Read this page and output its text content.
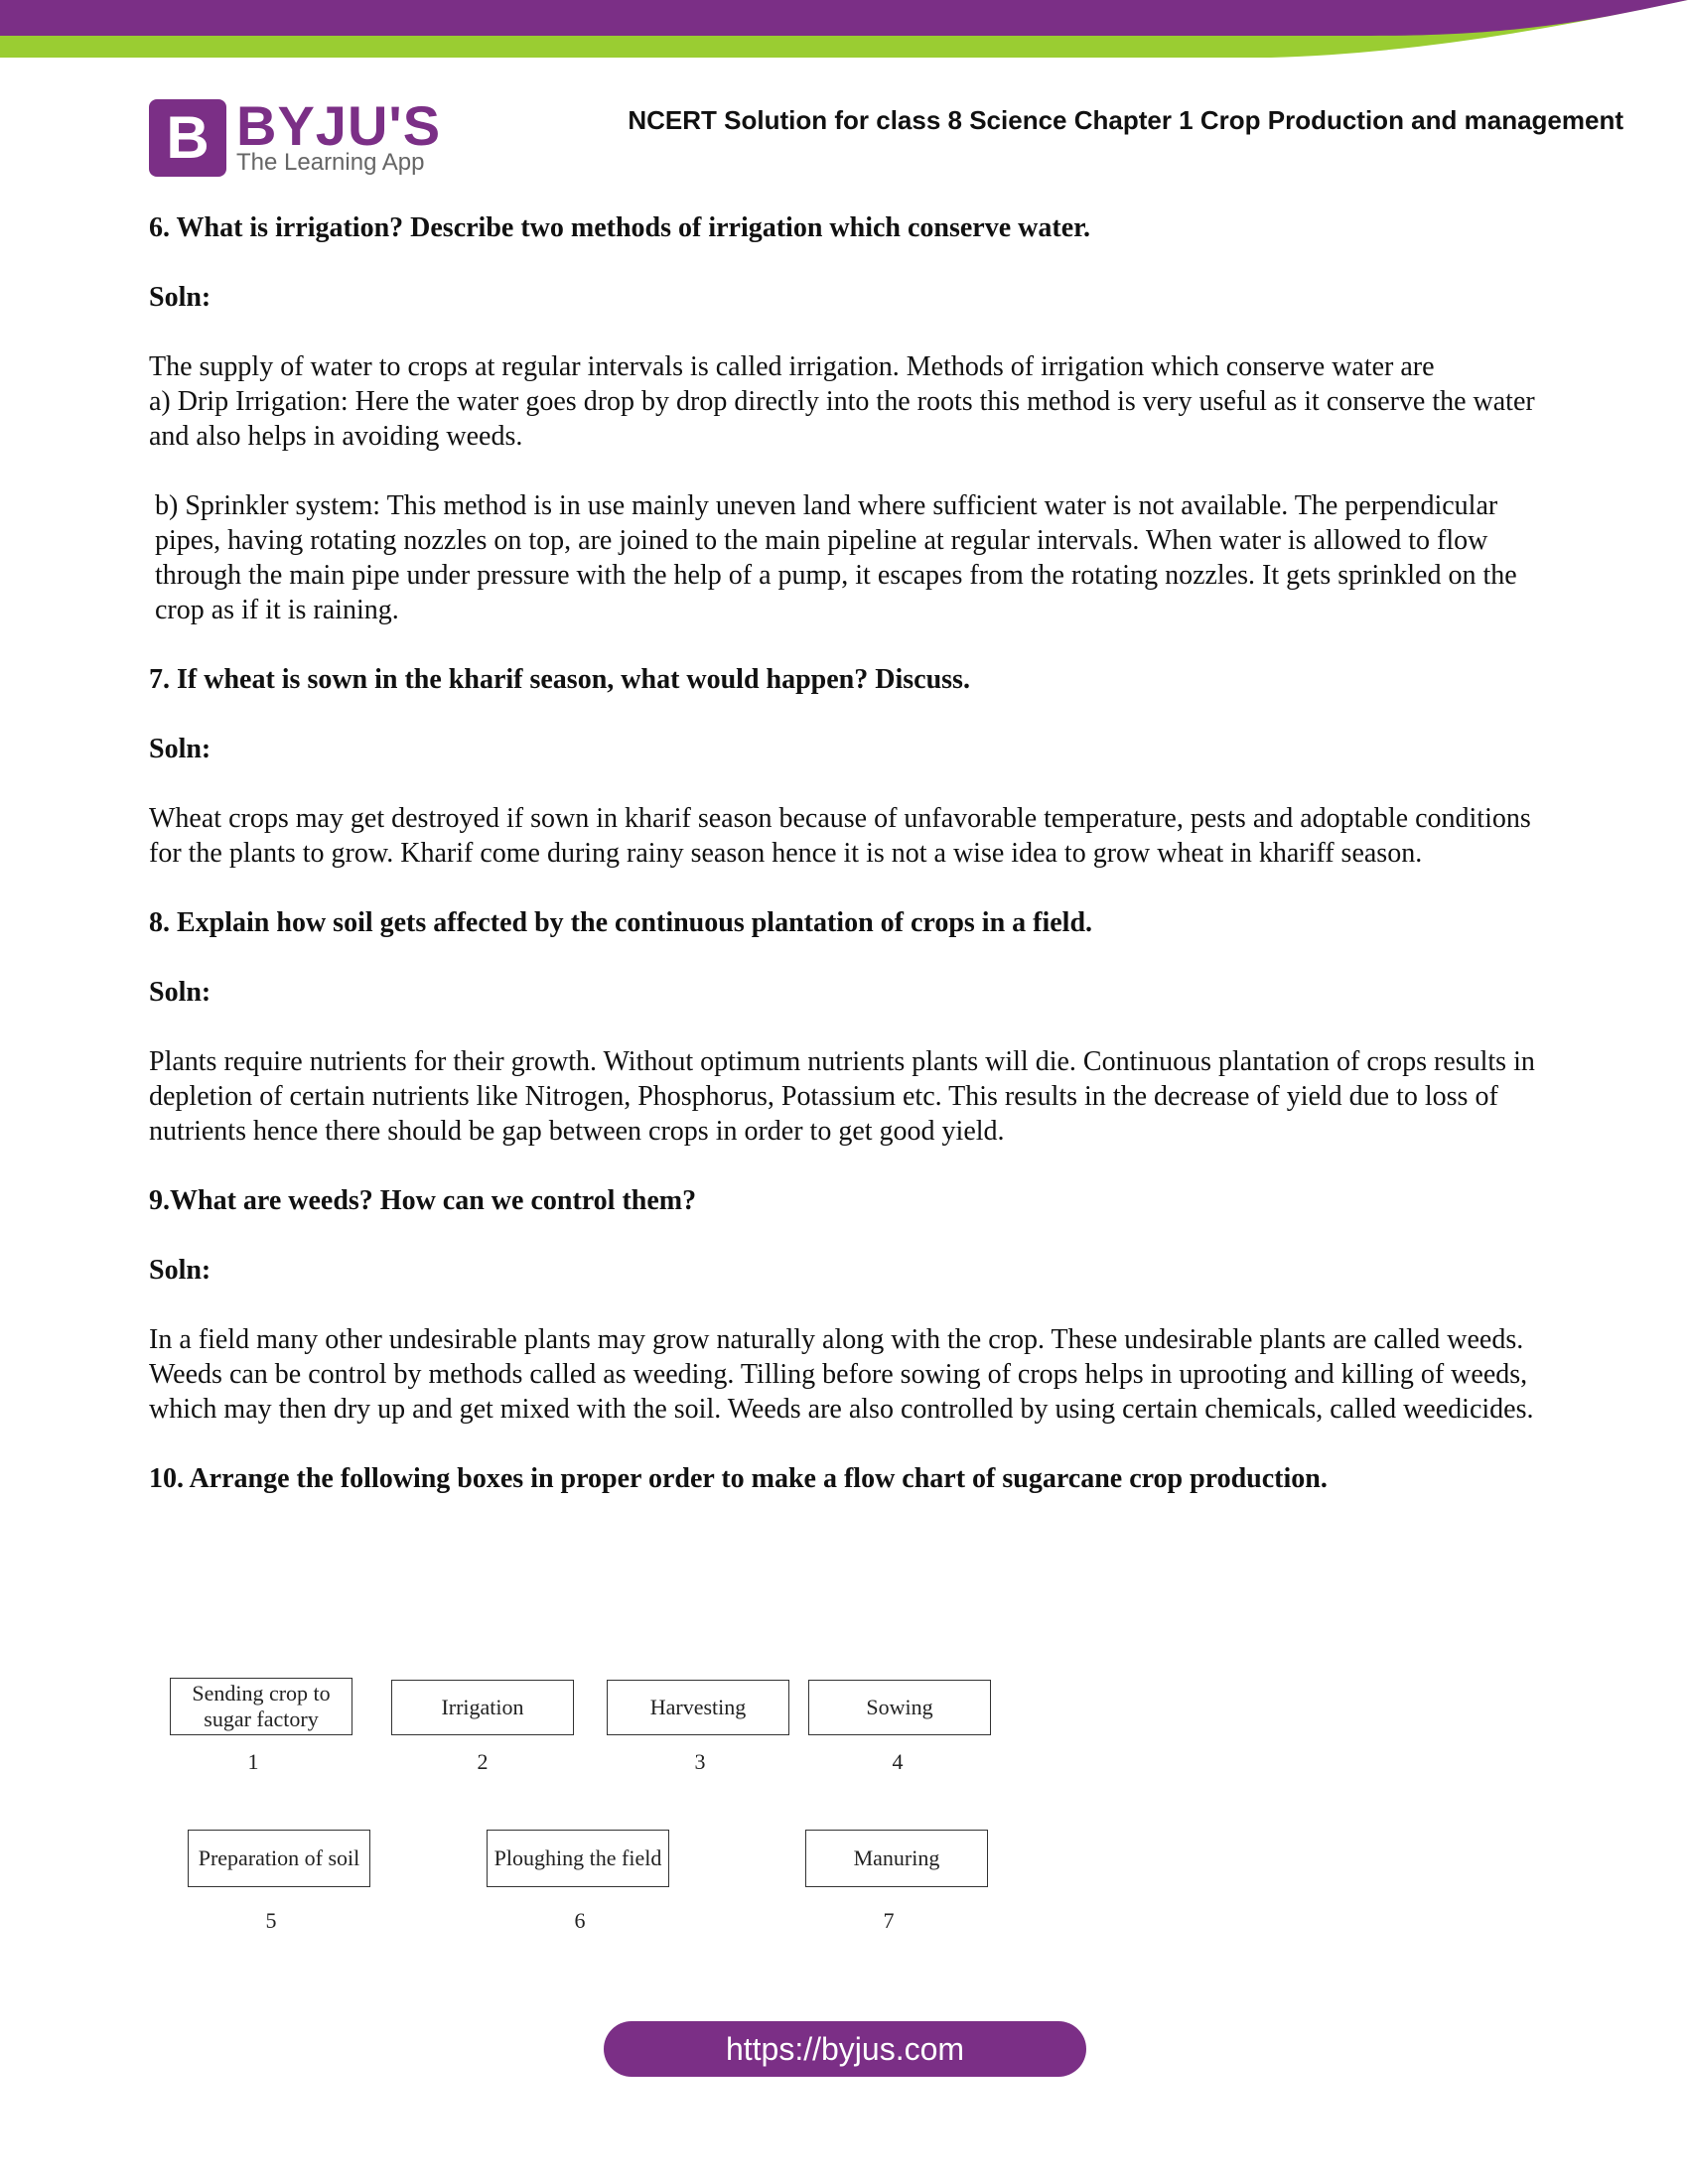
B BYJU'S
The Learning App
NCERT Solution for class 8 Science Chapter 1 Crop Production and management
6. What is irrigation? Describe two methods of irrigation which conserve water.
Soln:

The supply of water to crops at regular intervals is called irrigation. Methods of irrigation which conserve water are

a) Drip Irrigation: Here the water goes drop by drop directly into the roots this method is very useful as it conserve the water and also helps in avoiding weeds.

b) Sprinkler system: This method is in use mainly uneven land where sufficient water is not available. The perpendicular pipes, having rotating nozzles on top, are joined to the main pipeline at regular intervals. When water is allowed to flow through the main pipe under pressure with the help of a pump, it escapes from the rotating nozzles. It gets sprinkled on the crop as if it is raining.

7. If wheat is sown in the kharif season, what would happen? Discuss.
Soln:

Wheat crops may get destroyed if sown in kharif season because of unfavorable temperature, pests and adoptable conditions for the plants to grow. Kharif come during rainy season hence it is not a wise idea to grow wheat in khariff season.

8. Explain how soil gets affected by the continuous plantation of crops in a field.
Soln:

Plants require nutrients for their growth. Without optimum nutrients plants will die. Continuous plantation of crops results in depletion of certain nutrients like Nitrogen, Phosphorus, Potassium etc. This results in the decrease of yield due to loss of nutrients hence there should be gap between crops in order to get good yield.

9.What are weeds? How can we control them?
Soln:

In a field many other undesirable plants may grow naturally along with the crop. These undesirable plants are called weeds. Weeds can be control by methods called as weeding. Tilling before sowing of crops helps in uprooting and killing of weeds, which may then dry up and get mixed with the soil. Weeds are also controlled by using certain chemicals, called weedicides.

10. Arrange the following boxes in proper order to make a flow chart of sugarcane crop production.
Sending crop to sugar factory
1
Irrigation
2
Harvesting
3
Sowing
4
Preparation of soil
5
Ploughing the field
6
Manuring
7
https://byjus.com
